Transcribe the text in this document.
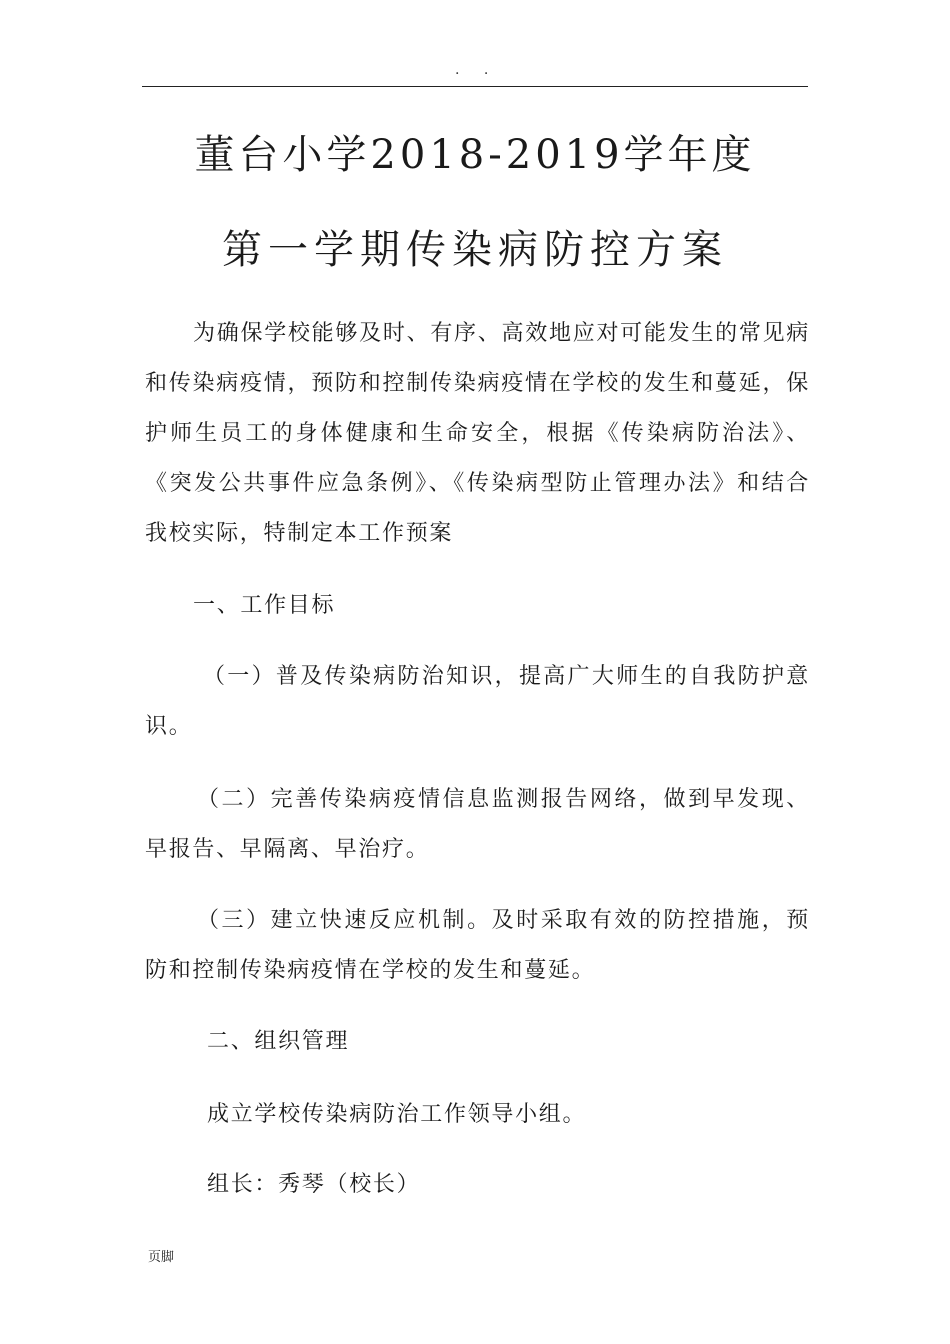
. .
董台小学2018-2019学年度
第一学期传染病防控方案

为确保学校能够及时、有序、高效地应对可能发生的常见病和传染病疫情，预防和控制传染病疫情在学校的发生和蔓延，保护师生员工的身体健康和生命安全，根据《传染病防治法》、《突发公共事件应急条例》、《传染病型防止管理办法》和结合我校实际，特制定本工作预案

一、工作目标

（一）普及传染病防治知识，提高广大师生的自我防护意识。

（二）完善传染病疫情信息监测报告网络，做到早发现、早报告、早隔离、早治疗。

（三）建立快速反应机制。及时采取有效的防控措施，预防和控制传染病疫情在学校的发生和蔓延。

二、组织管理

成立学校传染病防治工作领导小组。

组长：秀琴（校长）

页脚
